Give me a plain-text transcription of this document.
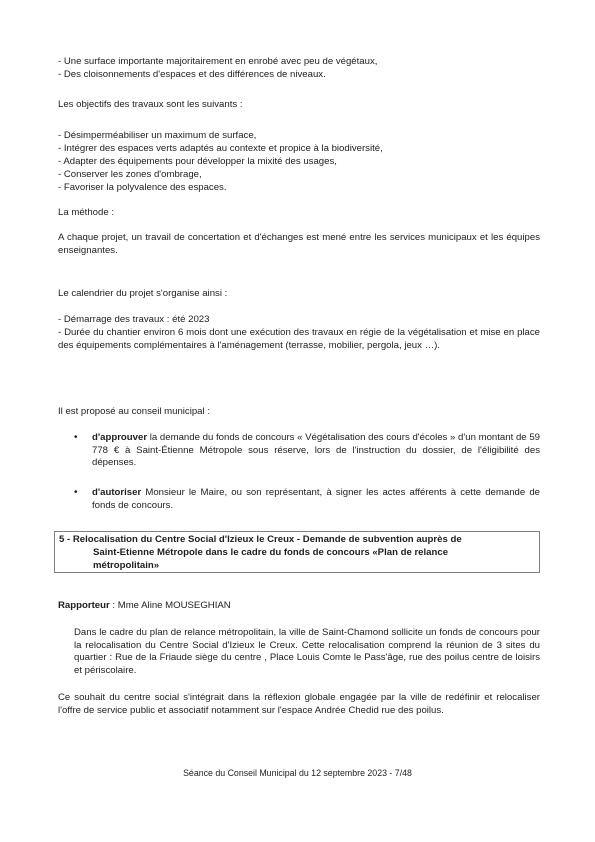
- Une surface importante majoritairement en enrobé avec peu de végétaux,
- Des cloisonnements d'espaces et des différences de niveaux.
Les objectifs des travaux sont les suivants :
- Désimperméabiliser un maximum de surface,
- Intégrer des espaces verts adaptés au contexte et propice à la biodiversité,
- Adapter des équipements pour développer la mixité des usages,
- Conserver les zones d'ombrage,
- Favoriser la polyvalence des espaces.
La méthode :
A chaque projet, un travail de concertation et d'échanges est mené entre les services municipaux et les équipes enseignantes.
Le calendrier du projet s'organise ainsi :
- Démarrage des travaux : été 2023
- Durée du chantier environ 6 mois dont une exécution des travaux en régie de la végétalisation et mise en place des équipements complémentaires à l'aménagement (terrasse, mobilier, pergola, jeux …).
Il est proposé au conseil municipal :
• d'approuver la demande du fonds de concours « Végétalisation des cours d'écoles » d'un montant de 59 778 € à Saint-Étienne Métropole sous réserve, lors de l'instruction du dossier, de l'éligibilité des dépenses.
• d'autoriser Monsieur le Maire, ou son représentant, à signer les actes afférents à cette demande de fonds de concours.
5 - Relocalisation du Centre Social d'Izieux le Creux - Demande de subvention auprès de
Saint-Etienne Métropole dans le cadre du fonds de concours «Plan de relance
métropolitain»
Rapporteur : Mme Aline MOUSEGHIAN
Dans le cadre du plan de relance métropolitain, la ville de Saint-Chamond sollicite un fonds de concours pour la relocalisation du Centre Social d'Izieux le Creux. Cette relocalisation comprend la réunion de 3 sites du quartier : Rue de la Friaude siège du centre , Place Louis Comte le Pass'âge, rue des poilus centre de loisirs et périscolaire.
Ce souhait du centre social s'intégrait dans la réflexion globale engagée par la ville de redéfinir et relocaliser l'offre de service public et associatif notamment sur l'espace Andrée Chedid rue des poilus.
Séance du Conseil Municipal du 12 septembre 2023 - 7/48
